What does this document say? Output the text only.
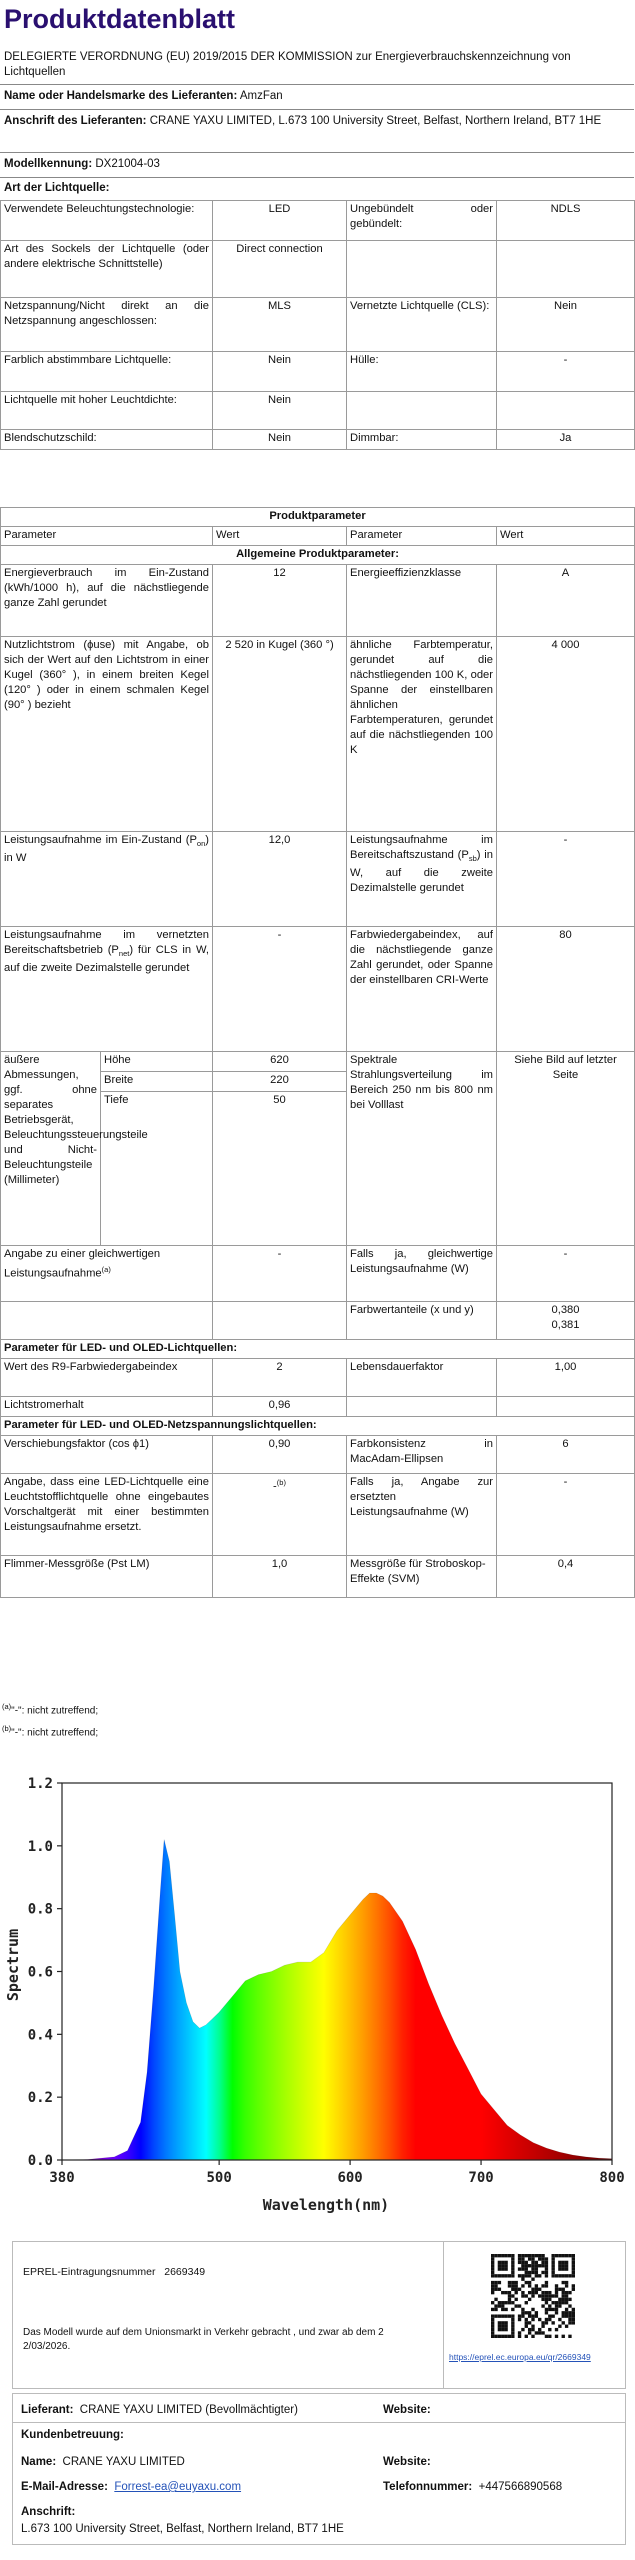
Produktdatenblatt
DELEGIERTE VERORDNUNG (EU) 2019/2015 DER KOMMISSION zur Energieverbrauchskennzeichnung von Lichtquellen
Name oder Handelsmarke des Lieferanten: AmzFan
Anschrift des Lieferanten: CRANE YAXU LIMITED, L.673 100 University Street, Belfast, Northern Ireland, BT7 1HE
Modellkennung: DX21004-03
Art der Lichtquelle:
Verwendete Beleuchtungstechnologie:	LED	Ungebündelt oder gebündelt:	NDLS
Art des Sockels der Lichtquelle (oder andere elektrische Schnittstelle)	Direct connection		
Netzspannung/Nicht direkt an die Netzspannung angeschlossen:	MLS	Vernetzte Lichtquelle (CLS):	Nein
Farblich abstimmbare Lichtquelle:	Nein	Hülle:	-
Lichtquelle mit hoher Leuchtdichte:	Nein		
Blendschutzschild:	Nein	Dimmbar:	Ja
Produktparameter				
Parameter		Wert	Parameter	Wert
Allgemeine Produktparameter:				
Energieverbrauch im Ein-Zustand (kWh/1000 h), auf die nächstliegende ganze Zahl gerundet		12	Energieeffizienzklasse	A
Nutzlichtstrom (ϕuse) mit Angabe, ob sich der Wert auf den Lichtstrom in einer Kugel (360° ), in einem breiten Kegel (120° ) oder in einem schmalen Kegel (90° ) bezieht		2 520 in Kugel (360 °)	ähnliche Farbtemperatur, gerundet auf die nächstliegenden 100 K, oder Spanne der einstellbaren ähnlichen Farbtemperaturen, gerundet auf die nächstliegenden 100 K	4 000
Leistungsaufnahme im Ein-Zustand $(P_{on})$ in W		12,0	Leistungsaufnahme im Bereitschaftszustand $(P_{sb})$ in W, auf die zweite Dezimalstelle gerundet	-
Leistungsaufnahme im vernetzten Bereitschaftsbetrieb $(P_{net})$ für CLS in W, auf die zweite Dezimalstelle gerundet		-	Farbwiedergabeindex, auf die nächstliegende ganze Zahl gerundet, oder Spanne der einstellbaren CRI-Werte	80
äußere Abmessungen, ggf. ohne separates Betriebsgerät, Beleuchtungssteuerungsteile und Nicht-Beleuchtungsteile (Millimeter)	Höhe	620	Spektrale Strahlungsverteilung im Bereich 250 nm bis 800 nm bei Volllast	Siehe Bild auf letzter Seite
	Breite	220		
	Tiefe	50		
Angabe zu einer gleichwertigen Leistungsaufnahme$^{(a)}$		-	Falls ja, gleichwertige Leistungsaufnahme (W)	-
			Farbwertanteile (x und y)	0,380
0,381

Parameter für LED- und OLED-Lichtquellen:				
Wert des R9-Farbwiedergabeindex		2	Lebensdauerfaktor	1,00
Lichtstromerhalt		0,96		
Parameter für LED- und OLED-Netzspannungslichtquellen:				
Verschiebungsfaktor (cos ϕ1)		0,90	Farbkonsistenz in MacAdam-Ellipsen	6
Angabe, dass eine LED-Lichtquelle eine Leuchtstofflichtquelle ohne eingebautes Vorschaltgerät mit einer bestimmten Leistungsaufnahme ersetzt.		-$^{(b)}$	Falls ja, Angabe zur ersetzten Leistungsaufnahme (W)	-
Flimmer-Messgröße (Pst LM)		1,0	Messgröße für Stroboskop-Effekte (SVM)	0,4
$^{(a)}$"-": nicht zutreffend;
$^{(b)}$"-": nicht zutreffend;
380	500	600	700	800
0.0
0.2
0.4
0.6
0.8
1.0
1.2
Wavelength(nm)
Spectrum
EPREL-Eintragungsnummer 2669349
Das Modell wurde auf dem Unionsmarkt in Verkehr gebracht , und zwar ab dem 2 2/03/2026.
https://eprel.ec.europa.eu/qr/2669349
Lieferant: CRANE YAXU LIMITED (Bevollmächtigter)	Website:
Kundenbetreuung:
Name: CRANE YAXU LIMITED	Website:
E-Mail-Adresse: Forrest-ea@euyaxu.com	Telefonnummer: +447566890568
Anschrift:
L.673 100 University Street, Belfast, Northern Ireland, BT7 1HE
